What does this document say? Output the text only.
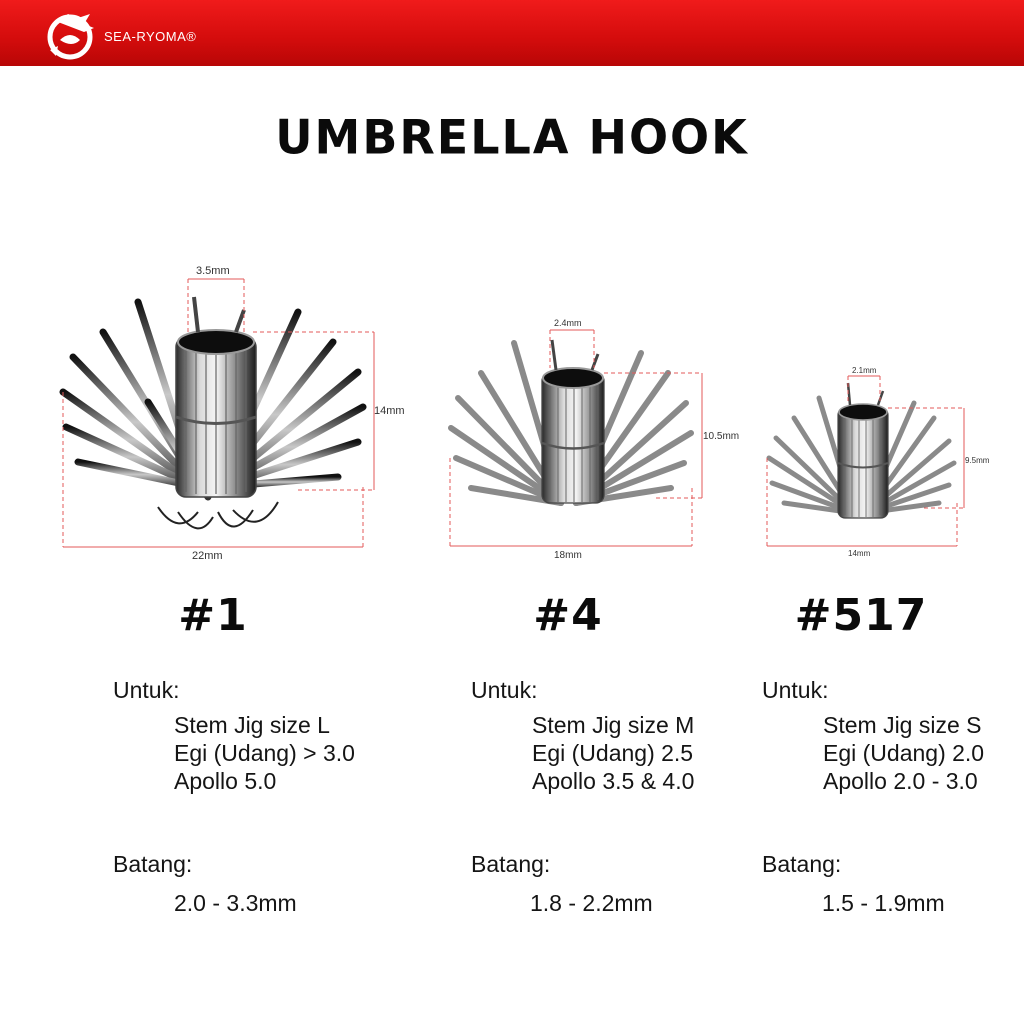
SEA-RYOMA®
UMBRELLA HOOK
3.5mm
14mm
22mm
2.4mm
10.5mm
18mm
2.1mm
9.5mm
14mm
#1	#4	#517
Untuk:
Stem Jig size L
Egi (Udang) > 3.0
Apollo 5.0
Batang:
2.0 - 3.3mm
Untuk:
Stem Jig size M
Egi (Udang) 2.5
Apollo 3.5 & 4.0
Batang:
1.8 - 2.2mm
Untuk:
Stem Jig size S
Egi (Udang) 2.0
Apollo 2.0 - 3.0
Batang:
1.5 - 1.9mm
